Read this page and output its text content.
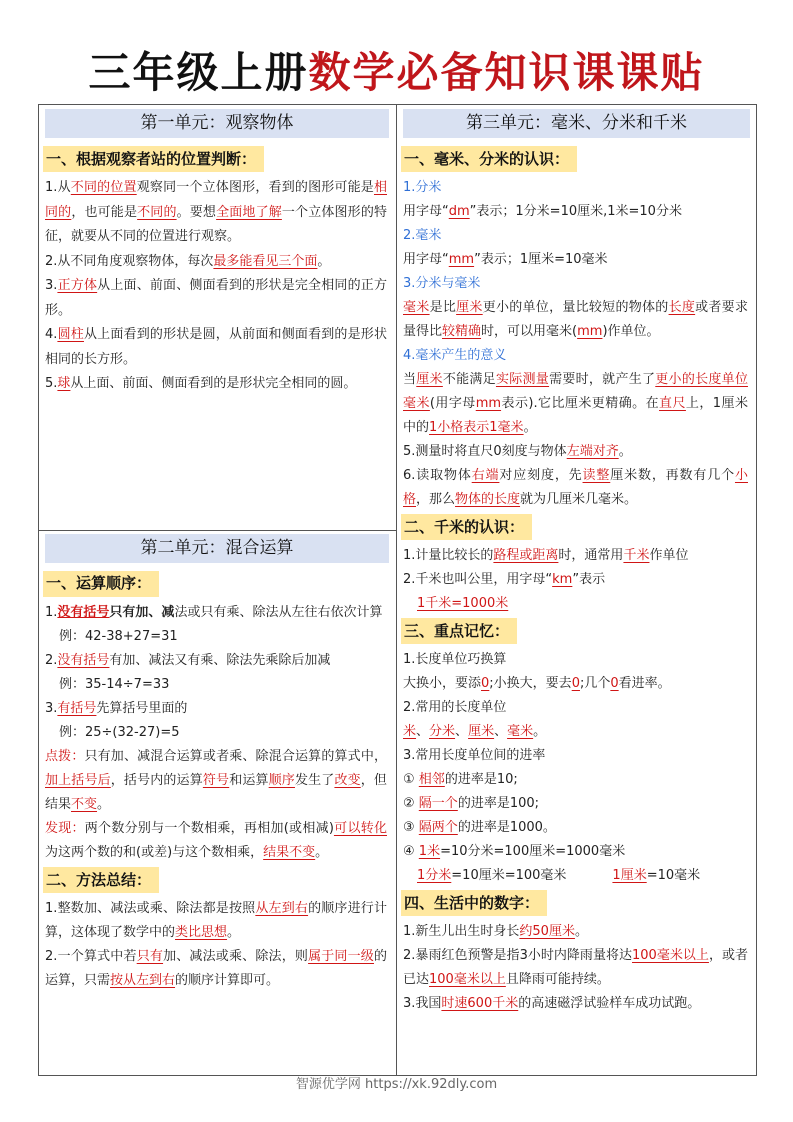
三年级上册数学必备知识课课贴
第一单元：观察物体
一、根据观察者站的位置判断：
1.从不同的位置观察同一个立体图形，看到的图形可能是相同的，也可能是不同的。要想全面地了解一个立体图形的特征，就要从不同的位置进行观察。
2.从不同角度观察物体，每次最多能看见三个面。
3.正方体从上面、前面、侧面看到的形状是完全相同的正方形。
4.圆柱从上面看到的形状是圆，从前面和侧面看到的是形状相同的长方形。
5.球从上面、前面、侧面看到的是形状完全相同的圆。
第二单元：混合运算
一、运算顺序：
1.没有括号只有加、减法或只有乘、除法从左往右依次计算
例：42-38+27=31
2.没有括号有加、减法又有乘、除法先乘除后加减
例：35-14÷7=33
3.有括号先算括号里面的
例：25÷(32-27)=5
点拨：只有加、减混合运算或者乘、除混合运算的算式中，加上括号后，括号内的运算符号和运算顺序发生了改变，但结果不变。
发现：两个数分别与一个数相乘，再相加(或相减)可以转化为这两个数的和(或差)与这个数相乘，结果不变。
二、方法总结：
1.整数加、减法或乘、除法都是按照从左到右的顺序进行计算，这体现了数学中的类比思想。
2.一个算式中若只有加、减法或乘、除法，则属于同一级的运算，只需按从左到右的顺序计算即可。
第三单元：毫米、分米和千米
一、毫米、分米的认识：
1.分米
用字母“dm”表示；1分米=10厘米,1米=10分米
2.毫米
用字母“mm”表示；1厘米=10毫米
3.分米与毫米
毫米是比厘米更小的单位，量比较短的物体的长度或者要求量得比较精确时，可以用毫米(mm)作单位。
4.毫米产生的意义
当厘米不能满足实际测量需要时，就产生了更小的长度单位毫米(用字母mm表示).它比厘米更精确。在直尺上，1厘米中的1小格表示1毫米。
5.测量时将直尺0刻度与物体左端对齐。
6.读取物体右端对应刻度，先读整厘米数，再数有几个小格，那么物体的长度就为几厘米几毫米。
二、千米的认识：
1.计量比较长的路程或距离时，通常用千米作单位
2.千米也叫公里，用字母“km”表示
1千米=1000米
三、重点记忆：
1.长度单位巧换算
大换小，要添0;小换大，要去0;几个0看进率。
2.常用的长度单位
米、分米、厘米、毫米。
3.常用长度单位间的进率
① 相邻的进率是10;
② 隔一个的进率是100;
③ 隔两个的进率是1000。
④ 1米=10分米=100厘米=1000毫米
1分米=10厘米=100毫米	1厘米=10毫米
四、生活中的数字：
1.新生儿出生时身长约50厘米。
2.暴雨红色预警是指3小时内降雨量将达100毫米以上，或者已达100毫米以上且降雨可能持续。
3.我国时速600千米的高速磁浮试验样车成功试跑。
智源优学网 https://xk.92dly.com
